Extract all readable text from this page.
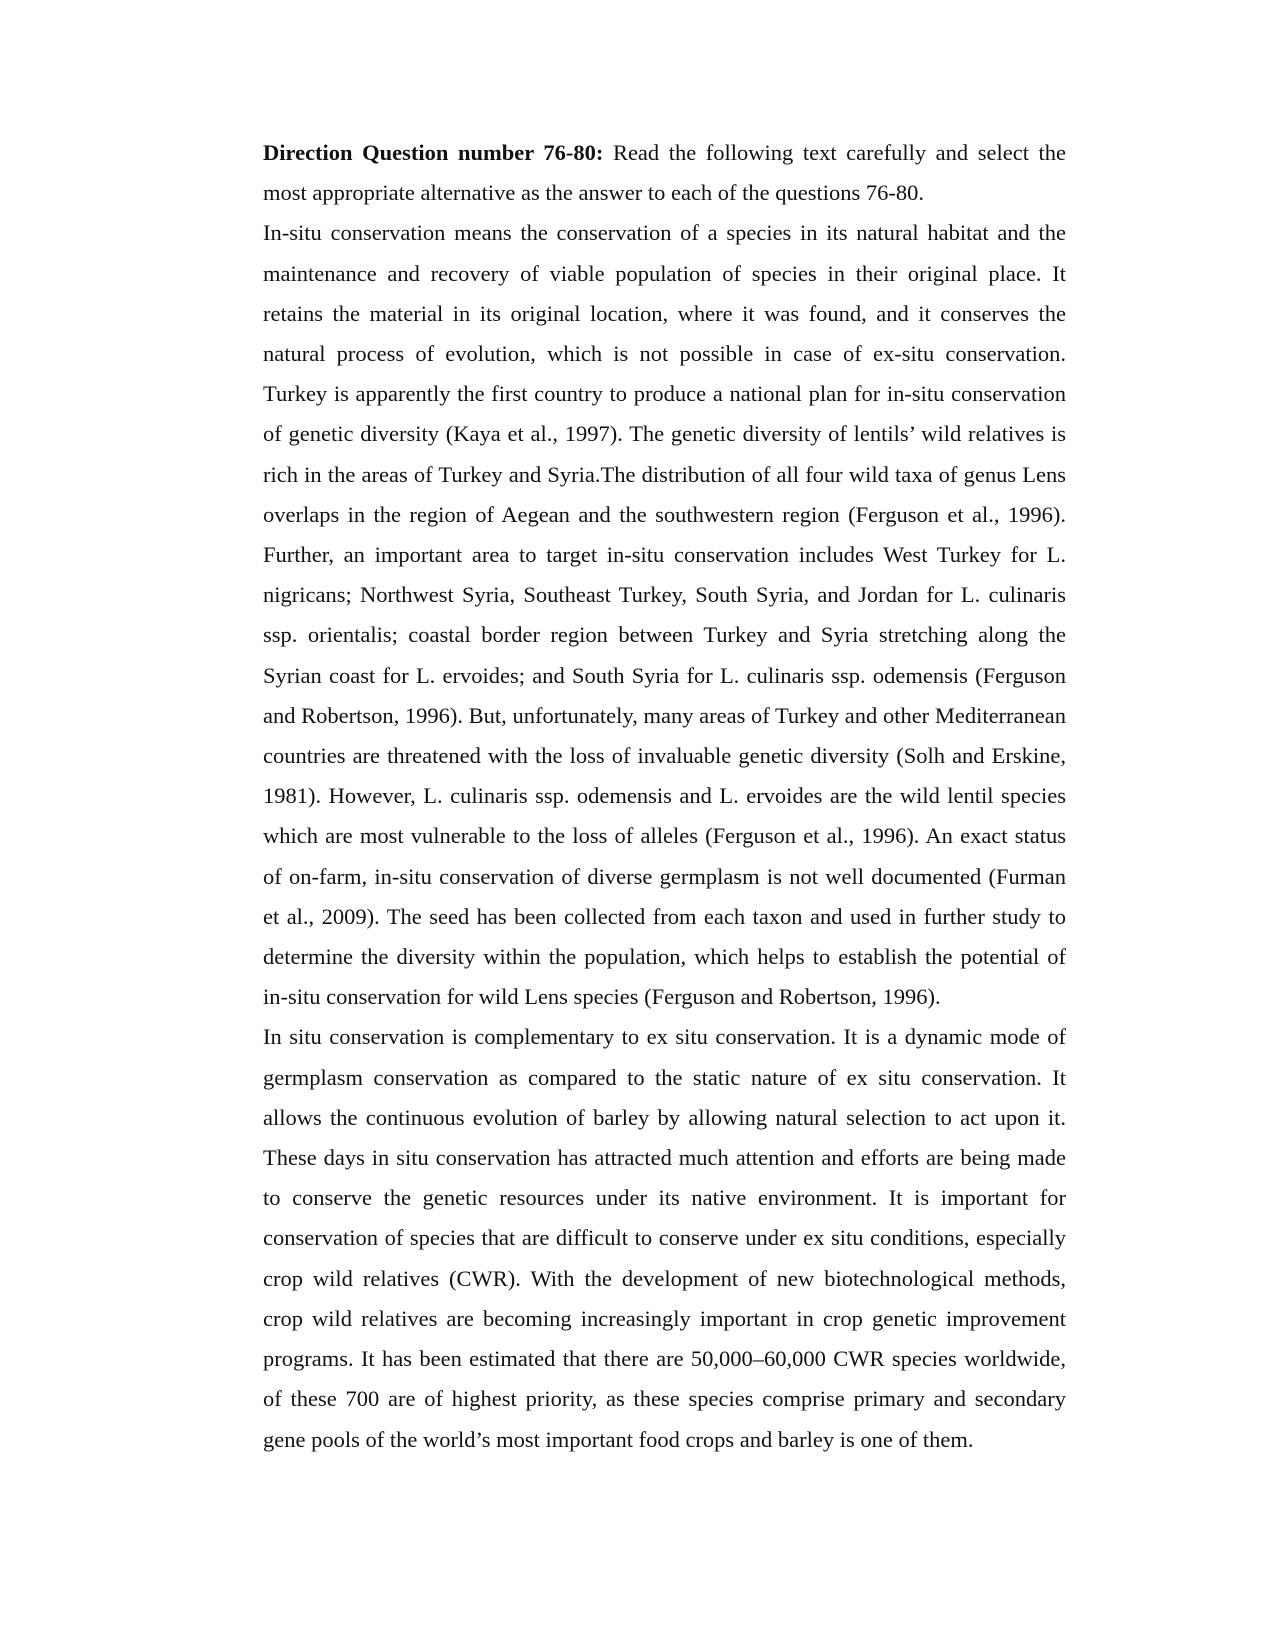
Direction Question number 76-80: Read the following text carefully and select the most appropriate alternative as the answer to each of the questions 76-80.

In-situ conservation means the conservation of a species in its natural habitat and the maintenance and recovery of viable population of species in their original place. It retains the material in its original location, where it was found, and it conserves the natural process of evolution, which is not possible in case of ex-situ conservation. Turkey is apparently the first country to produce a national plan for in-situ conservation of genetic diversity (Kaya et al., 1997). The genetic diversity of lentils’ wild relatives is rich in the areas of Turkey and Syria.The distribution of all four wild taxa of genus Lens overlaps in the region of Aegean and the southwestern region (Ferguson et al., 1996). Further, an important area to target in-situ conservation includes West Turkey for L. nigricans; Northwest Syria, Southeast Turkey, South Syria, and Jordan for L. culinaris ssp. orientalis; coastal border region between Turkey and Syria stretching along the Syrian coast for L. ervoides; and South Syria for L. culinaris ssp. odemensis (Ferguson and Robertson, 1996). But, unfortunately, many areas of Turkey and other Mediterranean countries are threatened with the loss of invaluable genetic diversity (Solh and Erskine, 1981). However, L. culinaris ssp. odemensis and L. ervoides are the wild lentil species which are most vulnerable to the loss of alleles (Ferguson et al., 1996). An exact status of on-farm, in-situ conservation of diverse germplasm is not well documented (Furman et al., 2009). The seed has been collected from each taxon and used in further study to determine the diversity within the population, which helps to establish the potential of in-situ conservation for wild Lens species (Ferguson and Robertson, 1996).

In situ conservation is complementary to ex situ conservation. It is a dynamic mode of germplasm conservation as compared to the static nature of ex situ conservation. It allows the continuous evolution of barley by allowing natural selection to act upon it. These days in situ conservation has attracted much attention and efforts are being made to conserve the genetic resources under its native environment. It is important for conservation of species that are difficult to conserve under ex situ conditions, especially crop wild relatives (CWR). With the development of new biotechnological methods, crop wild relatives are becoming increasingly important in crop genetic improvement programs. It has been estimated that there are 50,000–60,000 CWR species worldwide, of these 700 are of highest priority, as these species comprise primary and secondary gene pools of the world’s most important food crops and barley is one of them.
